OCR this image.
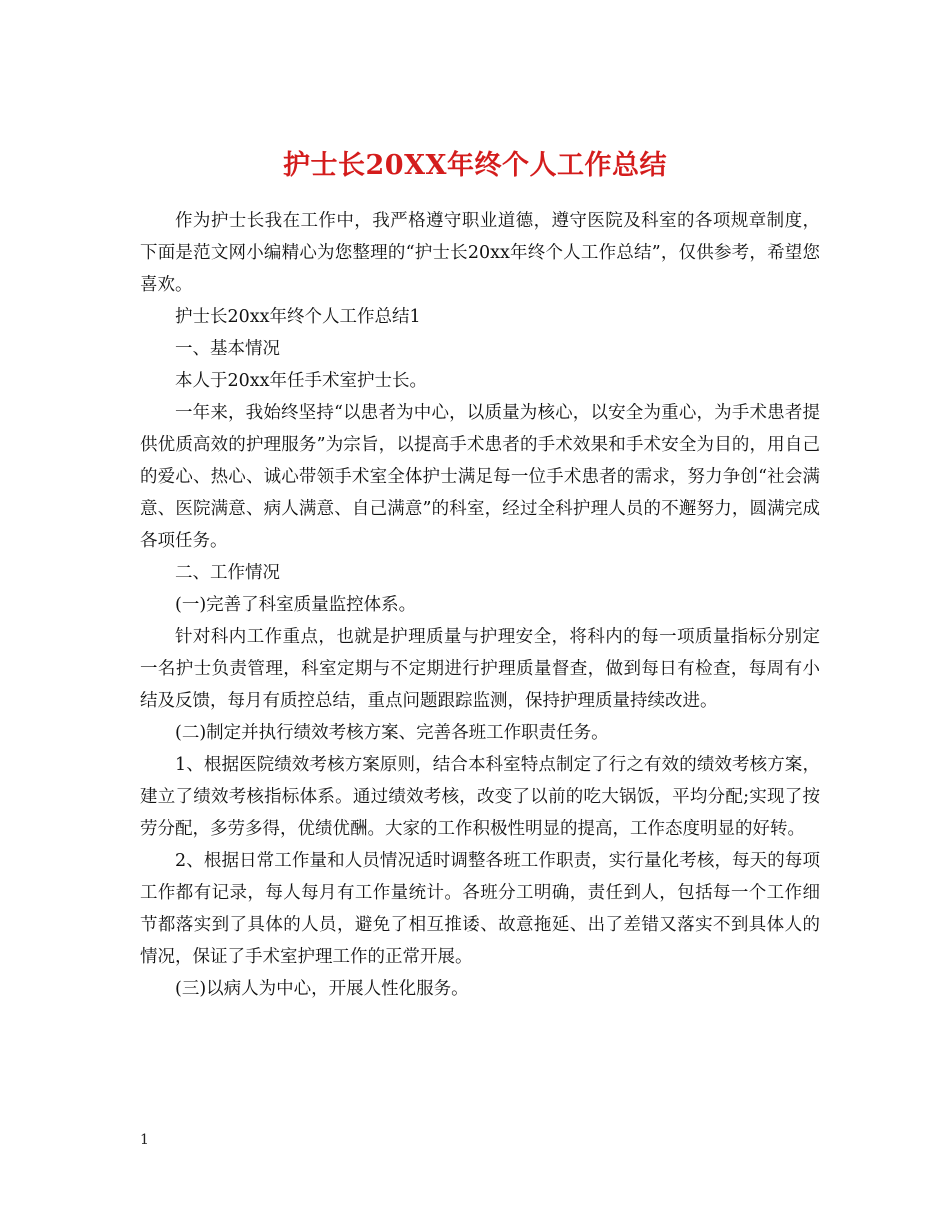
护士长20XX年终个人工作总结

作为护士长我在工作中，我严格遵守职业道德，遵守医院及科室的各项规章制度，下面是范文网小编精心为您整理的“护士长20xx年终个人工作总结”，仅供参考，希望您喜欢。

护士长20xx年终个人工作总结1

一、基本情况

本人于20xx年任手术室护士长。

一年来，我始终坚持“以患者为中心，以质量为核心，以安全为重心，为手术患者提供优质高效的护理服务”为宗旨，以提高手术患者的手术效果和手术安全为目的，用自己的爱心、热心、诚心带领手术室全体护士满足每一位手术患者的需求，努力争创“社会满意、医院满意、病人满意、自己满意”的科室，经过全科护理人员的不邂努力，圆满完成各项任务。

二、工作情况

(一)完善了科室质量监控体系。

针对科内工作重点，也就是护理质量与护理安全，将科内的每一项质量指标分别定一名护士负责管理，科室定期与不定期进行护理质量督查，做到每日有检查，每周有小结及反馈，每月有质控总结，重点问题跟踪监测，保持护理质量持续改进。

(二)制定并执行绩效考核方案、完善各班工作职责任务。

1、根据医院绩效考核方案原则，结合本科室特点制定了行之有效的绩效考核方案，建立了绩效考核指标体系。通过绩效考核，改变了以前的吃大锅饭，平均分配;实现了按劳分配，多劳多得，优绩优酬。大家的工作积极性明显的提高，工作态度明显的好转。

2、根据日常工作量和人员情况适时调整各班工作职责，实行量化考核，每天的每项工作都有记录，每人每月有工作量统计。各班分工明确，责任到人，包括每一个工作细节都落实到了具体的人员，避免了相互推诿、故意拖延、出了差错又落实不到具体人的情况，保证了手术室护理工作的正常开展。

(三)以病人为中心，开展人性化服务。

1
